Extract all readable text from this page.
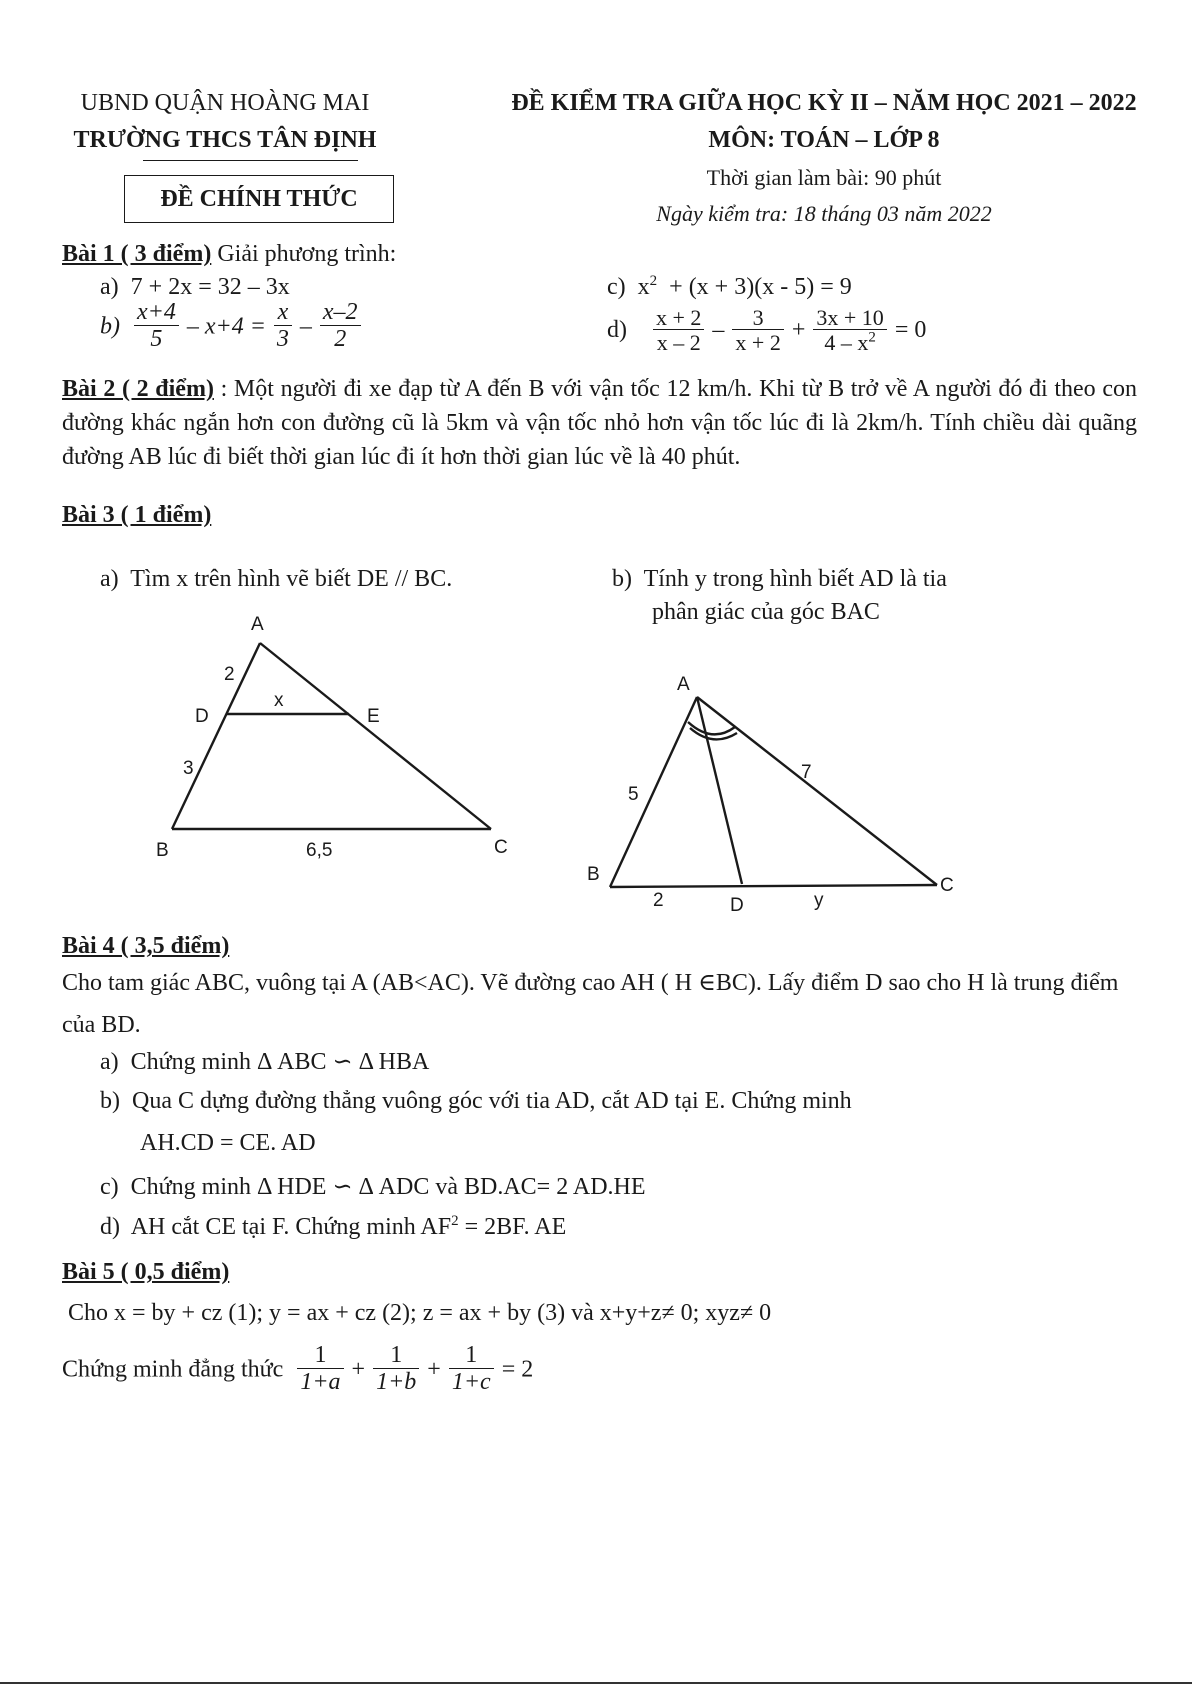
UBND QUẬN HOÀNG MAI
TRƯỜNG THCS TÂN ĐỊNH
ĐỀ CHÍNH THỨC
ĐỀ KIỂM TRA GIỮA HỌC KỲ II – NĂM HỌC 2021 – 2022
MÔN: TOÁN – LỚP 8
Thời gian làm bài: 90 phút
Ngày kiểm tra: 18 tháng 03 năm 2022
Bài 1 ( 3 điểm) Giải phương trình:
a) 7 + 2x = 32 – 3x
$b) \frac{x+4}{5} - x+4 = \frac{x}{3} - \frac{x-2}{2}$
c) $x^2 + (x + 3)(x - 5) = 9$
$d) \frac{x + 2}{x - 2} - \frac{3}{x + 2} + \frac{3x + 10}{4 - x^2} = 0$
Bài 2 ( 2 điểm) : Một người đi xe đạp từ A đến B với vận tốc 12 km/h. Khi từ B trở về A người đó đi theo con đường khác ngắn hơn con đường cũ là 5km và vận tốc nhỏ hơn vận tốc lúc đi là 2km/h. Tính chiều dài quãng đường AB lúc đi biết thời gian lúc đi ít hơn thời gian lúc về là 40 phút.
Bài 3 ( 1 điểm)
a) Tìm x trên hình vẽ biết DE // BC.	b) Tính y trong hình biết AD là tia
phân giác của góc BAC
A
D	E
B	C
2
3
x
6,5
A
B
C
D
5
7
2	y
Bài 4 ( 3,5 điểm)
Cho tam giác ABC, vuông tại A (AB<AC). Vẽ đường cao AH ( H ∈BC). Lấy điểm D sao cho H là trung điểm của BD.
a) Chứng minh Δ ABC ∽ Δ HBA
b) Qua C dựng đường thẳng vuông góc với tia AD, cắt AD tại E. Chứng minh
AH.CD = CE. AD
c) Chứng minh Δ HDE ∽ Δ ADC và BD.AC= 2 AD.HE
d) AH cắt CE tại F. Chứng minh $AF^2 = 2BF$. AE
Bài 5 ( 0,5 điểm)
Cho x = by + cz (1); y = ax + cz (2); z = ax + by (3) và x+y+z≠ 0; xyz≠ 0
Chứng minh đẳng thức $\frac{1}{1+a} + \frac{1}{1+b} + \frac{1}{1+c} = 2$
